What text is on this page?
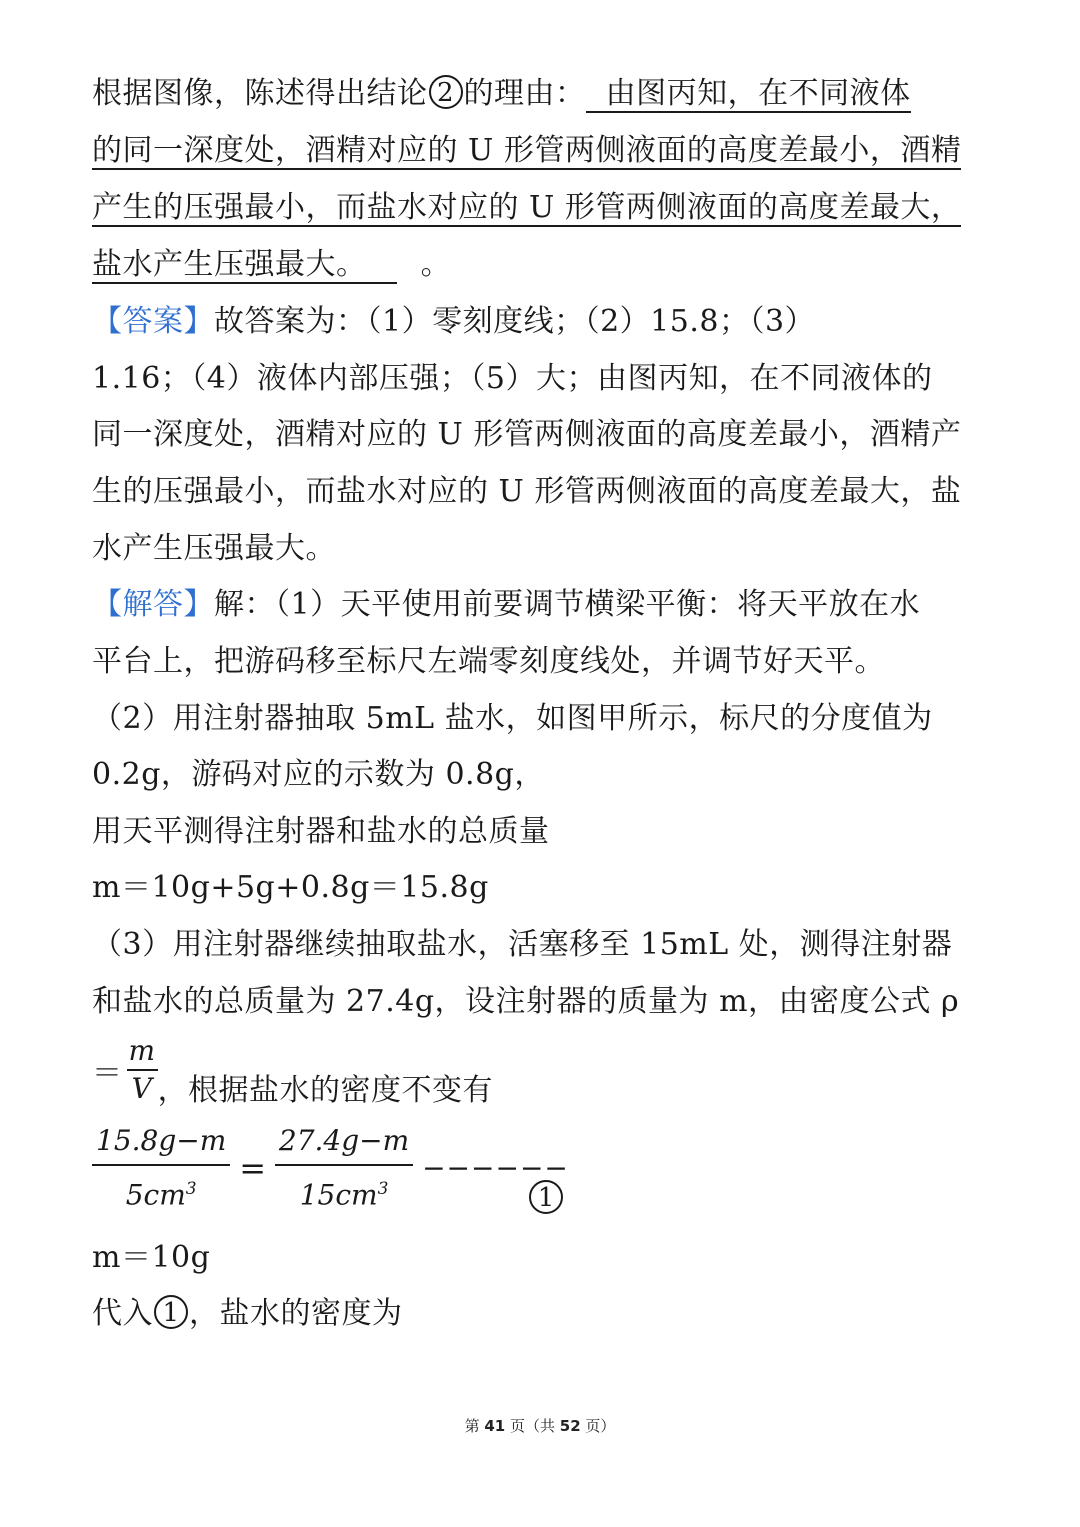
根据图像，陈述得出结论 2 的理由：  由图丙知，在不同液体
的同一深度处，酒精对应的 U 形管两侧液面的高度差最小，酒精
产生的压强最小，而盐水对应的 U 形管两侧液面的高度差最大，
盐水产生压强最大。   。
【答案】故答案为：（1）零刻度线；（2）15.8；（3）
1.16；（4）液体内部压强；（5）大；由图丙知，在不同液体的
同一深度处，酒精对应的 U 形管两侧液面的高度差最小，酒精产
生的压强最小，而盐水对应的 U 形管两侧液面的高度差最大，盐
水产生压强最大。
【解答】解：（1）天平使用前要调节横梁平衡：将天平放在水
平台上，把游码移至标尺左端零刻度线处，并调节好天平。
（2）用注射器抽取 5mL 盐水，如图甲所示，标尺的分度值为
0.2g，游码对应的示数为 0.8g，
用天平测得注射器和盐水的总质量
m＝10g+5g+0.8g＝15.8g
（3）用注射器继续抽取盐水，活塞移至 15mL 处，测得注射器
和盐水的总质量为 27.4g，设注射器的质量为 m，由密度公式 ρ
＝ $\frac{m}{V}$ ，根据盐水的密度不变有
$\frac{15.8g-m}{5cm^3} = \frac{27.4g-m}{15cm^3}$ −−−−−−
1
m＝10g
代入 1 ，盐水的密度为
第 41 页（共 52 页）
